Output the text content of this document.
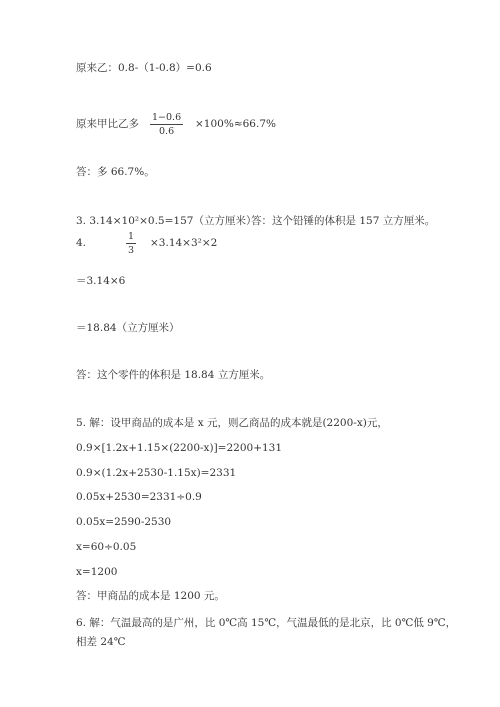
原来乙：0.8-（1-0.8）=0.6
原来甲比乙多
1−0.6
0.6
×100%≈66.7%
答：多 66.7%。
3. 3.14×10²×0.5=157（立方厘米）
答：这个铅锤的体积是 157 立方厘米。
4.
1
3
×3.14×3²×2
＝3.14×6
＝18.84（立方厘米）
答：这个零件的体积是 18.84 立方厘米。
5. 解：设甲商品的成本是 x 元，则乙商品的成本就是(2200-x)元，
0.9×[1.2x+1.15×(2200-x)]=2200+131
0.9×(1.2x+2530-1.15x)=2331
0.05x+2530=2331÷0.9
0.05x=2590-2530
x=60÷0.05
x=1200
答：甲商品的成本是 1200 元。
6. 解：气温最高的是广州，比 0℃高 15℃，气温最低的是北京，比 0℃低 9℃，
相差 24℃
